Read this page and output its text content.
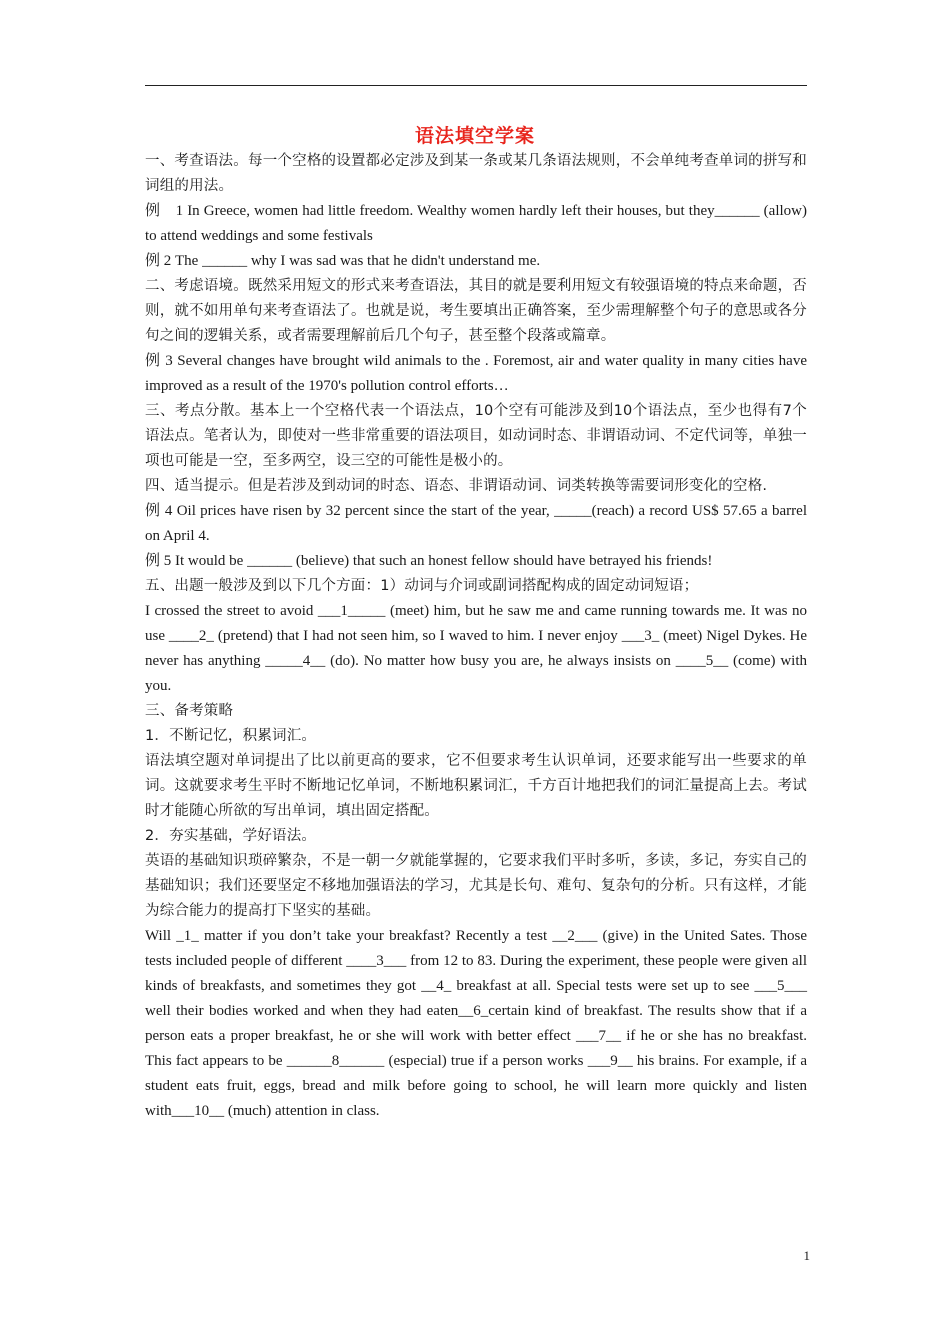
语法填空学案

一、考查语法。每一个空格的设置都必定涉及到某一条或某几条语法规则，不会单纯考查单词的拼写和词组的用法。

例　1 In Greece, women had little freedom. Wealthy women hardly left their houses, but they______ (allow) to attend weddings and some festivals

例 2 The ______ why I was sad was that he didn't understand me.

二、考虑语境。既然采用短文的形式来考查语法，其目的就是要利用短文有较强语境的特点来命题，否则，就不如用单句来考查语法了。也就是说，考生要填出正确答案，至少需理解整个句子的意思或各分句之间的逻辑关系，或者需要理解前后几个句子，甚至整个段落或篇章。

例 3 Several changes have brought wild animals to the . Foremost, air and water quality in many cities have improved as a result of the 1970's pollution control efforts…

三、考点分散。基本上一个空格代表一个语法点，10个空有可能涉及到10个语法点，至少也得有7个语法点。笔者认为，即使对一些非常重要的语法项目，如动词时态、非谓语动词、不定代词等，单独一项也可能是一空，至多两空，设三空的可能性是极小的。

四、适当提示。但是若涉及到动词的时态、语态、非谓语动词、词类转换等需要词形变化的空格.

例 4 Oil prices have risen by 32 percent since the start of the year, _____(reach) a record US$ 57.65 a barrel on April 4.

例 5 It would be ______ (believe) that such an honest fellow should have betrayed his friends!

五、出题一般涉及到以下几个方面：1）动词与介词或副词搭配构成的固定动词短语；

I crossed the street to avoid ___1_____ (meet) him, but he saw me and came running towards me. It was no use ____2_ (pretend) that I had not seen him, so I waved to him. I never enjoy ___3_ (meet) Nigel Dykes. He never has anything _____4__ (do). No matter how busy you are, he always insists on ____5__ (come) with you.

三、备考策略

1．不断记忆，积累词汇。

语法填空题对单词提出了比以前更高的要求，它不但要求考生认识单词，还要求能写出一些要求的单词。这就要求考生平时不断地记忆单词，不断地积累词汇，千方百计地把我们的词汇量提高上去。考试时才能随心所欲的写出单词，填出固定搭配。

2．夯实基础，学好语法。

英语的基础知识琐碎繁杂，不是一朝一夕就能掌握的，它要求我们平时多听，多读，多记，夯实自己的基础知识；我们还要坚定不移地加强语法的学习，尤其是长句、难句、复杂句的分析。只有这样，才能为综合能力的提高打下坚实的基础。

Will _1_ matter if you don’t take your breakfast? Recently a test __2___ (give) in the United Sates. Those tests included people of different ____3___ from 12 to 83. During the experiment, these people were given all kinds of breakfasts, and sometimes they got __4_ breakfast at all. Special tests were set up to see ___5___ well their bodies worked and when they had eaten__6_certain kind of breakfast. The results show that if a person eats a proper breakfast, he or she will work with better effect ___7__ if he or she has no breakfast. This fact appears to be ______8______ (especial) true if a person works ___9__ his brains. For example, if a student eats fruit, eggs, bread and milk before going to school, he will learn more quickly and listen with___10__ (much) attention in class.

1
